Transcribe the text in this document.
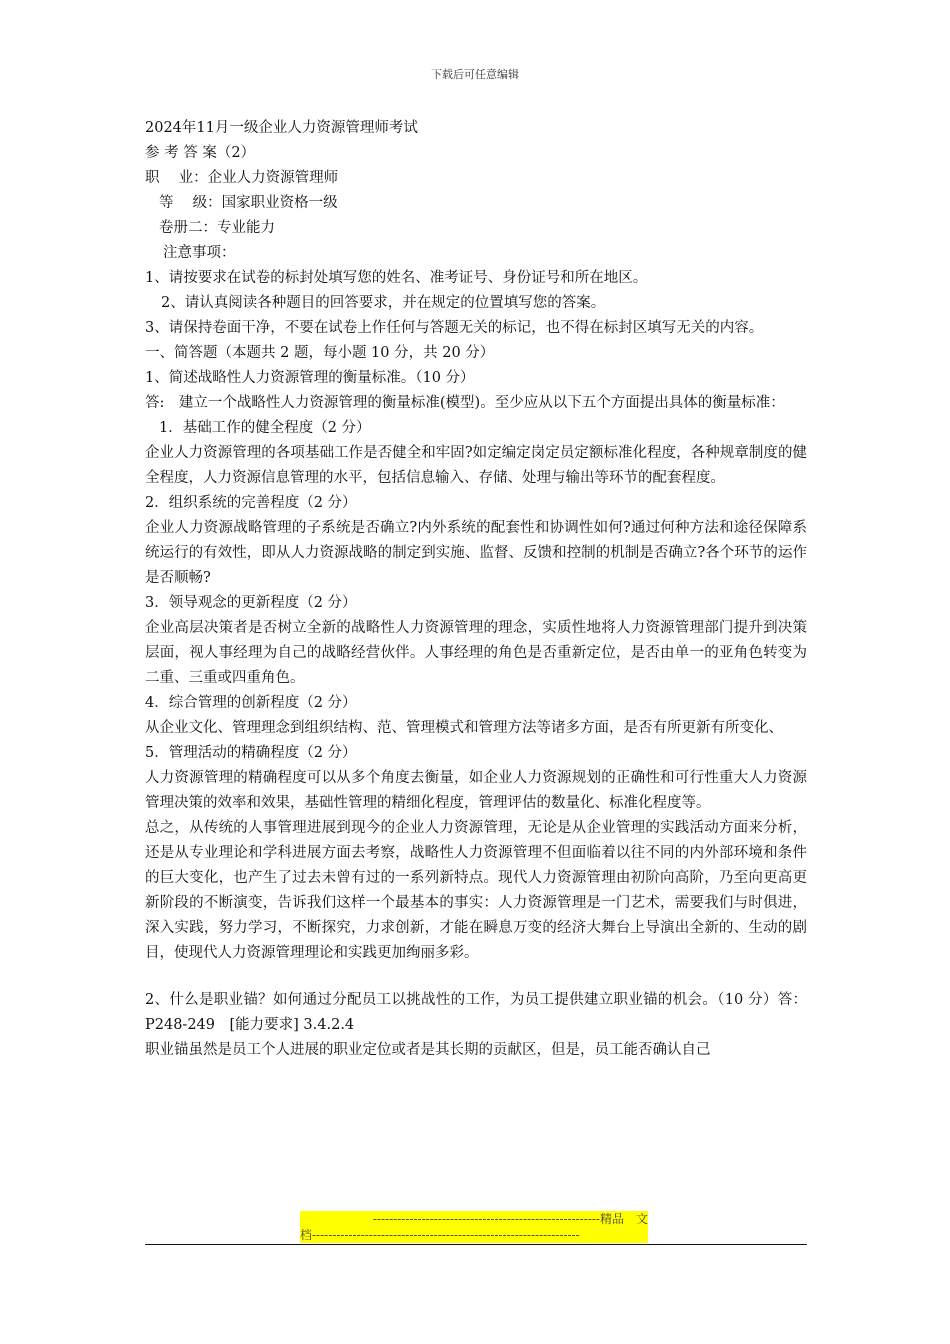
下载后可任意编辑

2024年11月一级企业人力资源管理师考试

参 考 答 案（2）

职　 业：企业人力资源管理师

等　 级：国家职业资格一级

卷册二：专业能力

注意事项：

1、请按要求在试卷的标封处填写您的姓名、准考证号、身份证号和所在地区。

2、请认真阅读各种题目的回答要求，并在规定的位置填写您的答案。

3、请保持卷面干净，不要在试卷上作任何与答题无关的标记，也不得在标封区填写无关的内容。

一、简答题（本题共 2 题，每小题 10 分，共 20 分）

1、简述战略性人力资源管理的衡量标准。（10 分）

答:　建立一个战略性人力资源管理的衡量标准(模型)。至少应从以下五个方面提出具体的衡量标准：

1．基础工作的健全程度（2 分）

企业人力资源管理的各项基础工作是否健全和牢固?如定编定岗定员定额标准化程度，各种规章制度的健全程度，人力资源信息管理的水平，包括信息输入、存储、处理与输出等环节的配套程度。

2．组织系统的完善程度（2 分）

企业人力资源战略管理的子系统是否确立?内外系统的配套性和协调性如何?通过何种方法和途径保障系统运行的有效性，即从人力资源战略的制定到实施、监督、反馈和控制的机制是否确立?各个环节的运作是否顺畅?

3．领导观念的更新程度（2 分）

企业高层决策者是否树立全新的战略性人力资源管理的理念，实质性地将人力资源管理部门提升到决策层面，视人事经理为自己的战略经营伙伴。人事经理的角色是否重新定位，是否由单一的亚角色转变为二重、三重或四重角色。

4．综合管理的创新程度（2 分）

从企业文化、管理理念到组织结构、范、管理模式和管理方法等诸多方面，是否有所更新有所变化、

5．管理活动的精确程度（2 分）

人力资源管理的精确程度可以从多个角度去衡量，如企业人力资源规划的正确性和可行性重大人力资源管理决策的效率和效果，基础性管理的精细化程度，管理评估的数量化、标准化程度等。

总之，从传统的人事管理进展到现今的企业人力资源管理，无论是从企业管理的实践活动方面来分析，还是从专业理论和学科进展方面去考察，战略性人力资源管理不但面临着以往不同的内外部环境和条件的巨大变化，也产生了过去未曾有过的一系列新特点。现代人力资源管理由初阶向高阶，乃至向更高更新阶段的不断演变，告诉我们这样一个最基本的事实：人力资源管理是一门艺术，需要我们与时俱进，深入实践，努力学习，不断探究，力求创新，才能在瞬息万变的经济大舞台上导演出全新的、生动的剧目，使现代人力资源管理理论和实践更加绚丽多彩。

2、什么是职业锚？如何通过分配员工以挑战性的工作，为员工提供建立职业锚的机会。（10 分）答：P248-249　[能力要求] 3.4.2.4

职业锚虽然是员工个人进展的职业定位或者是其长期的贡献区，但是，员工能否确认自己

--------------------------------------------------------精品　文
档------------------------------------------------------------------
